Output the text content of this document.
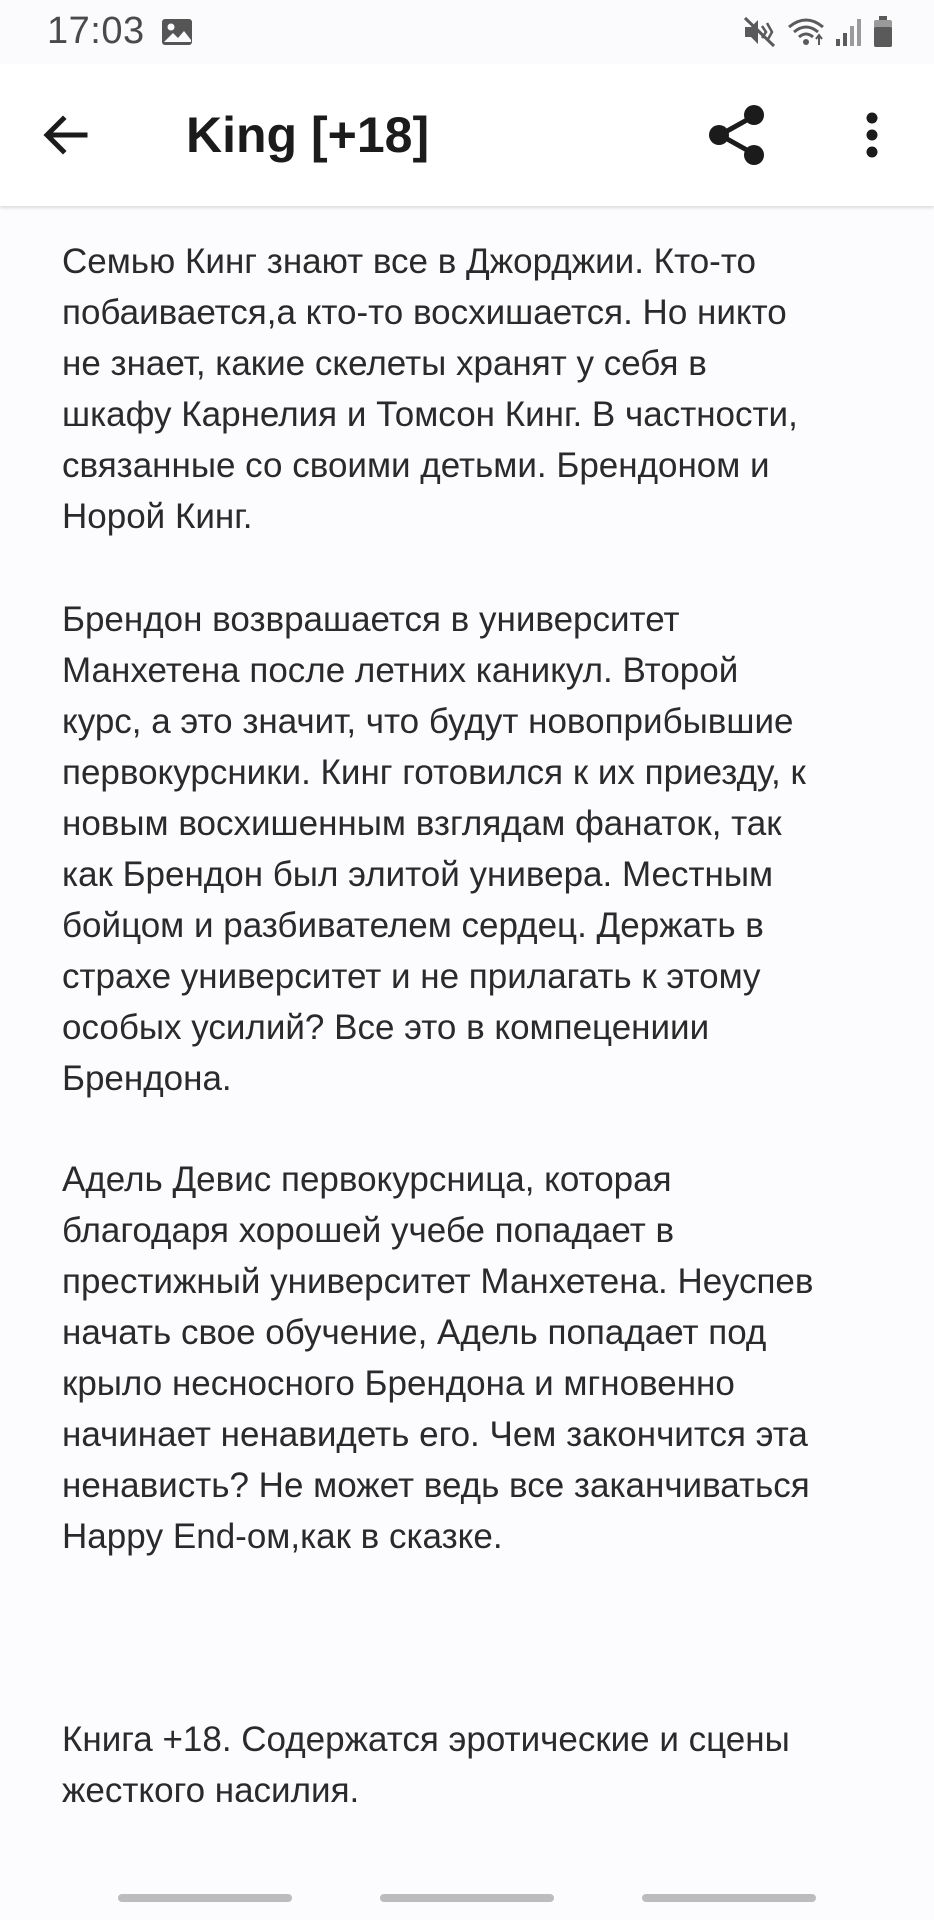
17:03
King [+18]

Семью Кинг знают все в Джорджии. Кто-то
побаивается,а кто-то восхишается. Но никто
не знает, какие скелеты хранят у себя в
шкафу Карнелия и Томсон Кинг. В частности,
связанные со своими детьми. Брендоном и
Норой Кинг.

Брендон возврашается в университет
Манхетена после летних каникул. Второй
курс, а это значит, что будут новоприбывшие
первокурсники. Кинг готовился к их приезду, к
новым восхишенным взглядам фанаток, так
как Брендон был элитой универа. Местным
бойцом и разбивателем сердец. Держать в
страхе университет и не прилагать к этому
особых усилий? Все это в компецениии
Брендона.

Адель Девис первокурсница, которая
благодаря хорошей учебе попадает в
престижный университет Манхетена. Неуспев
начать свое обучение, Адель попадает под
крыло несносного Брендона и мгновенно
начинает ненавидеть его. Чем закончится эта
ненависть? Не может ведь все заканчиваться
Happy End-ом,как в сказке.

Книга +18. Содержатся эротические и сцены
жесткого насилия.
